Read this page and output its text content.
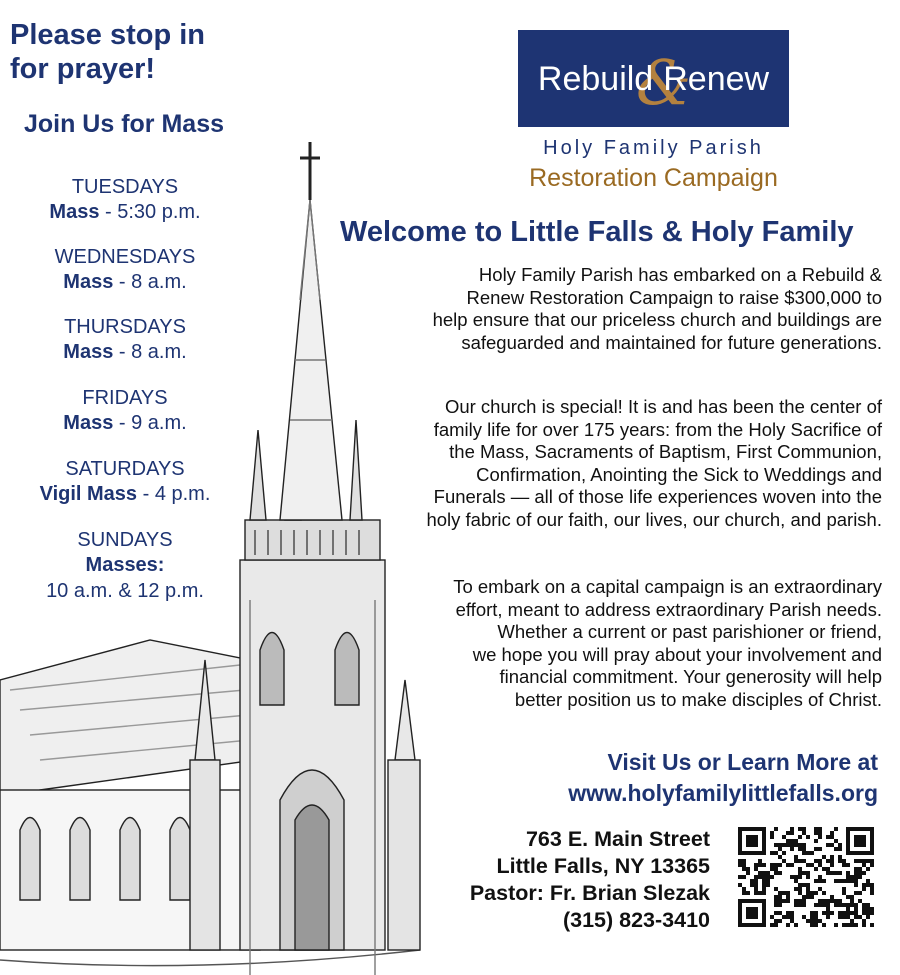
Please stop in
for prayer!
Join Us for Mass
TUESDAYS
Mass - 5:30 p.m.
WEDNESDAYS
Mass - 8 a.m.
THURSDAYS
Mass - 8 a.m.
FRIDAYS
Mass - 9 a.m.
SATURDAYS
Vigil Mass - 4 p.m.
SUNDAYS
Masses:
10 a.m. & 12 p.m.
&
Rebuild Renew
Holy Family Parish
Restoration Campaign
Welcome to Little Falls & Holy Family
Holy Family Parish has embarked on a Rebuild &
Renew Restoration Campaign to raise $300,000 to
help ensure that our priceless church and buildings are
safeguarded and maintained for future generations.
Our church is special! It is and has been the center of
family life for over 175 years: from the Holy Sacrifice of
the Mass, Sacraments of Baptism, First Communion,
Confirmation, Anointing the Sick to Weddings and
Funerals — all of those life experiences woven into the
holy fabric of our faith, our lives, our church, and parish.
To embark on a capital campaign is an extraordinary
effort, meant to address extraordinary Parish needs.
Whether a current or past parishioner or friend,
we hope you will pray about your involvement and
financial commitment. Your generosity will help
better position us to make disciples of Christ.
Visit Us or Learn More at
www.holyfamilylittlefalls.org
763 E. Main Street
Little Falls, NY 13365
Pastor: Fr. Brian Slezak
(315) 823-3410
